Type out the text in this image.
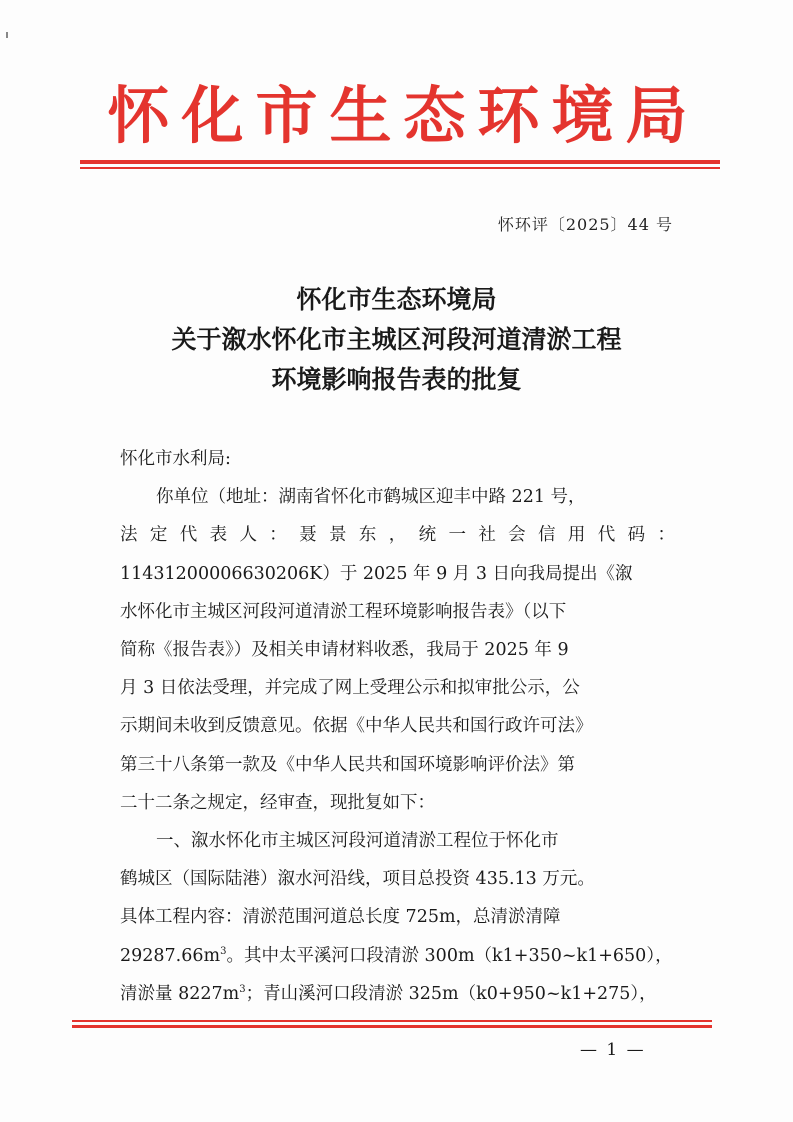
怀化市生态环境局
怀环评〔2025〕44 号
怀化市生态环境局
关于溆水怀化市主城区河段河道清淤工程
环境影响报告表的批复

怀化市水利局:

你单位（地址：湖南省怀化市鹤城区迎丰中路 221 号，

法 定 代 表 人 ： 聂 景 东 ， 统 一 社 会 信 用 代 码 ：

11431200006630206K）于 2025 年 9 月 3 日向我局提出《溆

水怀化市主城区河段河道清淤工程环境影响报告表》（以下

简称《报告表》）及相关申请材料收悉，我局于 2025 年 9

月 3 日依法受理，并完成了网上受理公示和拟审批公示，公

示期间未收到反馈意见。依据《中华人民共和国行政许可法》

第三十八条第一款及《中华人民共和国环境影响评价法》第

二十二条之规定，经审查，现批复如下：

一、溆水怀化市主城区河段河道清淤工程位于怀化市

鹤城区（国际陆港）溆水河沿线，项目总投资 435.13 万元。

具体工程内容：清淤范围河道总长度 725m，总清淤清障

$29287.66m^3$。其中太平溪河口段清淤 300m（k1+350~k1+650），

清淤量 $8227m^3$；青山溪河口段清淤 325m（k0+950~k1+275），

— 1 —
